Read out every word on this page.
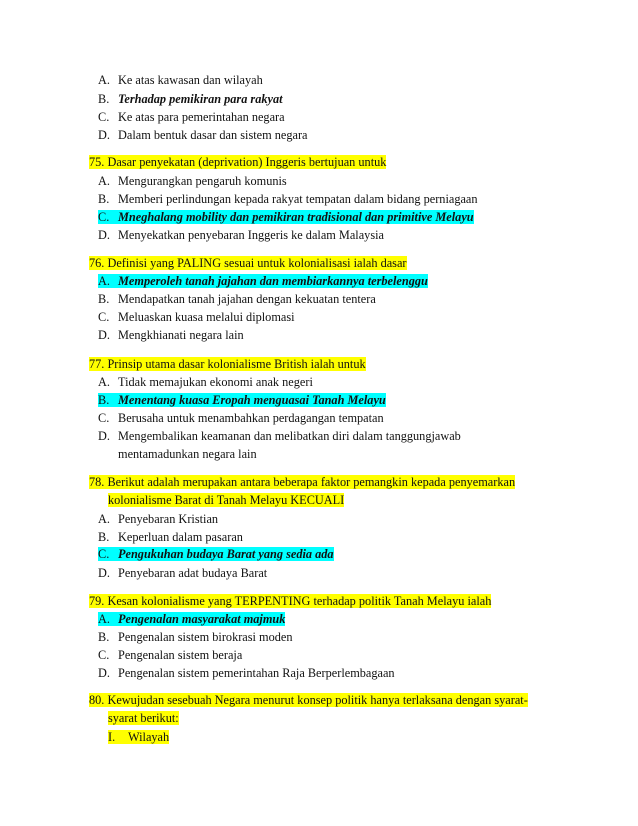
A. Ke atas kawasan dan wilayah
B. Terhadap pemikiran para rakyat
C. Ke atas para pemerintahan negara
D. Dalam bentuk dasar dan sistem negara
75. Dasar penyekatan (deprivation) Inggeris bertujuan untuk
A. Mengurangkan pengaruh komunis
B. Memberi perlindungan kepada rakyat tempatan dalam bidang perniagaan
C. Mneghalang mobility dan pemikiran tradisional dan primitive Melayu
D. Menyekatkan penyebaran Inggeris ke dalam Malaysia
76. Definisi yang PALING sesuai untuk kolonialisasi ialah dasar
A. Memperoleh tanah jajahan dan membiarkannya terbelenggu
B. Mendapatkan tanah jajahan dengan kekuatan tentera
C. Meluaskan kuasa melalui diplomasi
D. Mengkhianati negara lain
77. Prinsip utama dasar kolonialisme British ialah untuk
A. Tidak memajukan ekonomi anak negeri
B. Menentang kuasa Eropah menguasai Tanah Melayu
C. Berusaha untuk menambahkan perdagangan tempatan
D. Mengembalikan keamanan dan melibatkan diri dalam tanggungjawab
mentamadunkan negara lain
78. Berikut adalah merupakan antara beberapa faktor pemangkin kepada penyemarkan
kolonialisme Barat di Tanah Melayu KECUALI
A. Penyebaran Kristian
B. Keperluan dalam pasaran
C. Pengukuhan budaya Barat yang sedia ada
D. Penyebaran adat budaya Barat
79. Kesan kolonialisme yang TERPENTING terhadap politik Tanah Melayu ialah
A. Pengenalan masyarakat majmuk
B. Pengenalan sistem birokrasi moden
C. Pengenalan sistem beraja
D. Pengenalan sistem pemerintahan Raja Berperlembagaan
80. Kewujudan sesebuah Negara menurut konsep politik hanya terlaksana dengan syarat-
syarat berikut:
I. Wilayah
